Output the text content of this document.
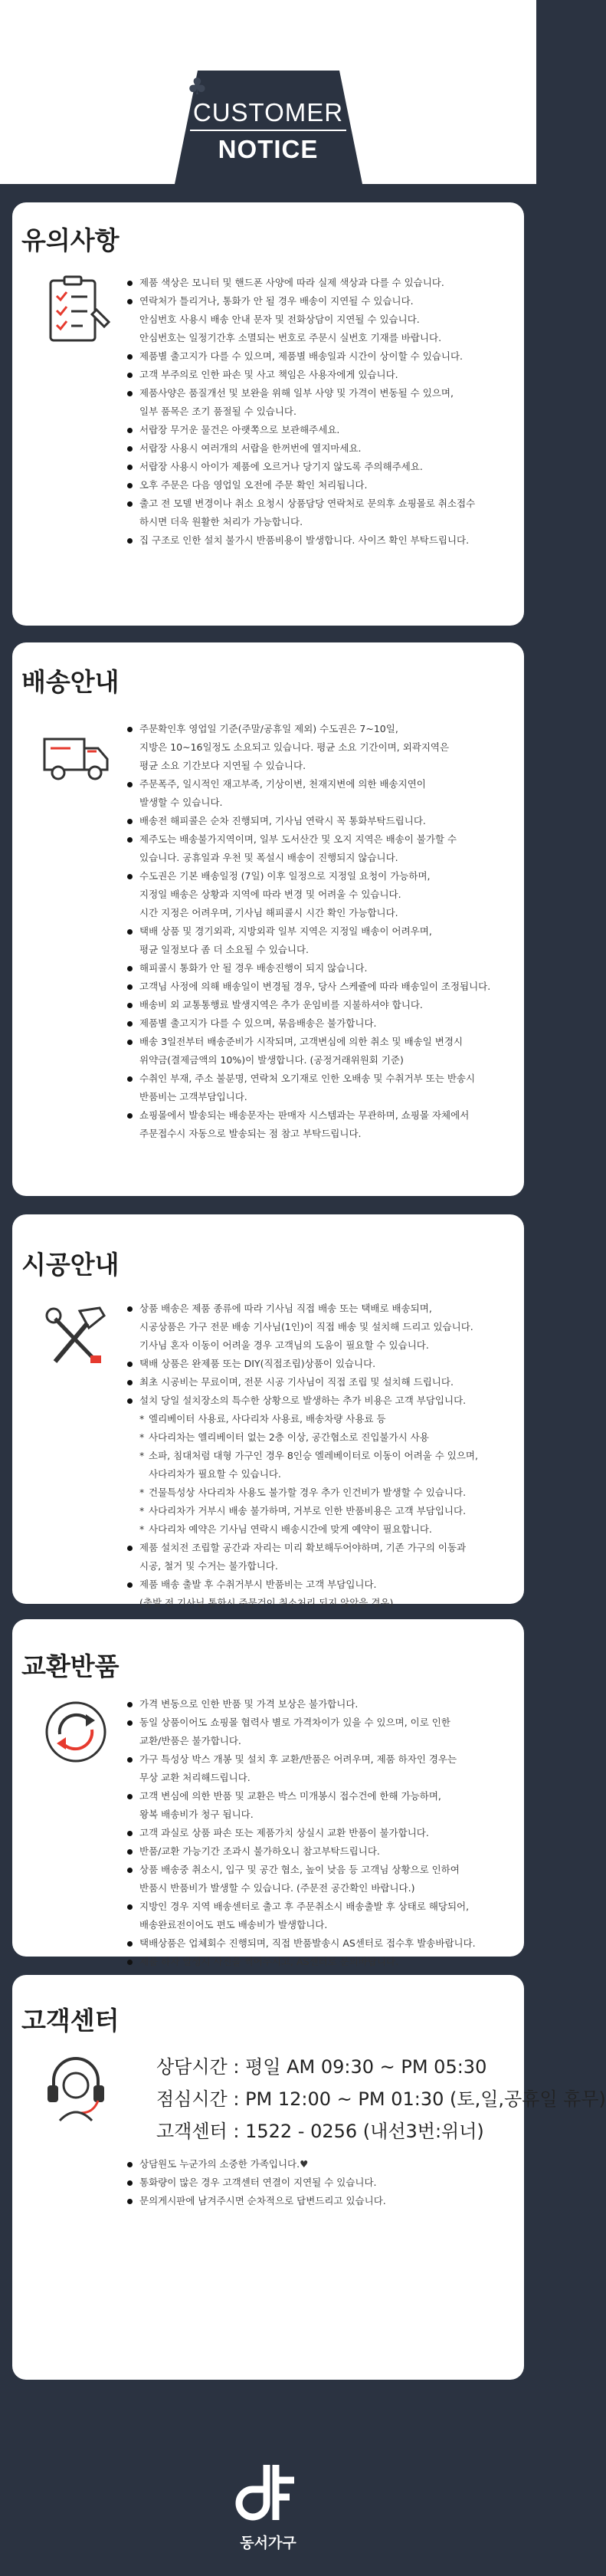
♣
CUSTOMER
NOTICE
유의사항
제품 색상은 모니터 및 핸드폰 사양에 따라 실제 색상과 다를 수 있습니다.
연락처가 틀리거나, 통화가 안 될 경우 배송이 지연될 수 있습니다.
안심번호 사용시 배송 안내 문자 및 전화상담이 지연될 수 있습니다.
안심번호는 일정기간후 소멸되는 번호로 주문시 실번호 기재를 바랍니다.
제품별 출고지가 다를 수 있으며, 제품별 배송일과 시간이 상이할 수 있습니다.
고객 부주의로 인한 파손 및 사고 책임은 사용자에게 있습니다.
제품사양은 품질개선 및 보완을 위해 일부 사양 및 가격이 변동될 수 있으며,
일부 품목은 조기 품절될 수 있습니다.
서랍장 무거운 물건은 아랫쪽으로 보관해주세요.
서랍장 사용시 여러개의 서랍을 한꺼번에 열지마세요.
서랍장 사용시 아이가 제품에 오르거나 당기지 않도록 주의해주세요.
오후 주문은 다음 영업일 오전에 주문 확인 처리됩니다.
출고 전 모델 변경이나 취소 요청시 상품담당 연락처로 문의후 쇼핑몰로 취소접수
하시면 더욱 원활한 처리가 가능합니다.
집 구조로 인한 설치 불가시 반품비용이 발생합니다. 사이즈 확인 부탁드립니다.
배송안내
주문확인후 영업일 기준(주말/공휴일 제외) 수도권은 7~10일,
지방은 10~16일정도 소요되고 있습니다. 평균 소요 기간이며, 외곽지역은
평균 소요 기간보다 지연될 수 있습니다.
주문폭주, 일시적인 재고부족, 기상이변, 천재지변에 의한 배송지연이
발생할 수 있습니다.
배송전 해피콜은 순차 진행되며, 기사님 연락시 꼭 통화부탁드립니다.
제주도는 배송불가지역이며, 일부 도서산간 및 오지 지역은 배송이 불가할 수
있습니다. 공휴일과 우천 및 폭설시 배송이 진행되지 않습니다.
수도권은 기본 배송일정 (7일) 이후 일정으로 지정일 요청이 가능하며,
지정일 배송은 상황과 지역에 따라 변경 및 어려울 수 있습니다.
시간 지정은 어려우며, 기사님 해피콜시 시간 확인 가능합니다.
택배 상품 및 경기외곽, 지방외곽 일부 지역은 지정일 배송이 어려우며,
평균 일정보다 좀 더 소요될 수 있습니다.
해피콜시 통화가 안 될 경우 배송진행이 되지 않습니다.
고객님 사정에 의해 배송일이 변경될 경우, 당사 스케쥴에 따라 배송일이 조정됩니다.
배송비 외 교통통행료 발생지역은 추가 운임비를 지불하셔야 합니다.
제품별 출고지가 다를 수 있으며, 묶음배송은 불가합니다.
배송 3일전부터 배송준비가 시작되며, 고객변심에 의한 취소 및 배송일 변경시
위약금(결제금액의 10%)이 발생합니다. (공정거래위원회 기준)
수취인 부재, 주소 불분명, 연락처 오기재로 인한 오배송 및 수취거부 또는 반송시
반품비는 고객부담입니다.
쇼핑몰에서 발송되는 배송문자는 판매자 시스템과는 무관하며, 쇼핑몰 자체에서
주문접수시 자동으로 발송되는 점 참고 부탁드립니다.
시공안내
상품 배송은 제품 종류에 따라 기사님 직접 배송 또는 택배로 배송되며,
시공상품은 가구 전문 배송 기사님(1인)이 직접 배송 및 설치해 드리고 있습니다.
기사님 혼자 이동이 어려울 경우 고객님의 도움이 필요할 수 있습니다.
택배 상품은 완제품 또는 DIY(직접조립)상품이 있습니다.
최초 시공비는 무료이며, 전문 시공 기사님이 직접 조립 및 설치해 드립니다.
설치 당일 설치장소의 특수한 상황으로 발생하는 추가 비용은 고객 부담입니다.
* 엘리베이터 사용료, 사다리차 사용료, 배송차량 사용료 등
* 사다리차는 엘리베이터 없는 2층 이상, 공간협소로 진입불가시 사용
* 소파, 침대처럼 대형 가구인 경우 8인승 엘레베이터로 이동이 어려울 수 있으며,
사다리차가 필요할 수 있습니다.
* 건물특성상 사다리차 사용도 불가할 경우 추가 인건비가 발생할 수 있습니다.
* 사다리차가 거부시 배송 불가하며, 거부로 인한 반품비용은 고객 부담입니다.
* 사다리차 예약은 기사님 연락시 배송시간에 맞게 예약이 필요합니다.
제품 설치전 조립할 공간과 자리는 미리 확보해두어야하며, 기존 가구의 이동과
시공, 철거 및 수거는 불가합니다.
제품 배송 출발 후 수취거부시 반품비는 고객 부담입니다.
(출발 전 기사님 통화시 주문건이 취소처리 되지 않았을 경우)
교환반품
가격 변동으로 인한 반품 및 가격 보상은 불가합니다.
동일 상품이어도 쇼핑몰 협력사 별로 가격차이가 있을 수 있으며, 이로 인한
교환/반품은 불가합니다.
가구 특성상 박스 개봉 및 설치 후 교환/반품은 어려우며, 제품 하자인 경우는
무상 교환 처리해드립니다.
고객 변심에 의한 반품 및 교환은 박스 미개봉시 접수건에 한해 가능하며,
왕복 배송비가 청구 됩니다.
고객 과실로 상품 파손 또는 제품가치 상실시 교환 반품이 불가합니다.
반품/교환 가능기간 조과시 불가하오니 참고부탁드립니다.
상품 배송중 취소시, 입구 및 공간 협소, 높이 낮음 등 고객님 상황으로 인하여
반품시 반품비가 발생할 수 있습니다. (주문전 공간확인 바랍니다.)
지방인 경우 지역 배송센터로 출고 후 주문취소시 배송출발 후 상태로 해당되어,
배송완료전이어도 편도 배송비가 발생합니다.
택배상품은 업체회수 진행되며, 직접 반품발송시 AS센터로 접수후 발송바랍니다.
제품 하자 발생시 사진을 찍어두시고, AS센터로 문의바랍니다.
고객센터
상담시간 : 평일 AM 09:30 ~ PM 05:30
점심시간 : PM 12:00 ~ PM 01:30 (토,일,공휴일 휴무)
고객센터 : 1522 - 0256 (내선3번:위너)
상담원도 누군가의 소중한 가족입니다.♥
통화량이 많은 경우 고객센터 연결이 지연될 수 있습니다.
문의게시판에 남겨주시면 순차적으로 답변드리고 있습니다.
동서가구
